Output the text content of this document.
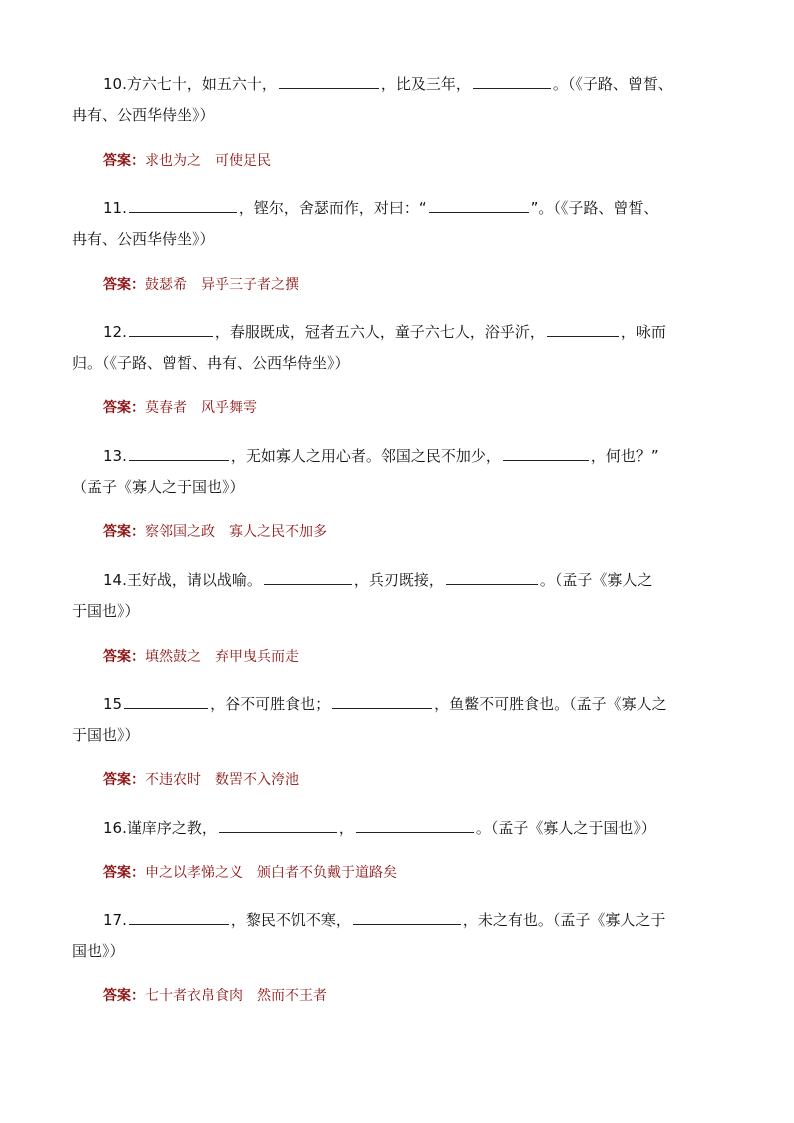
10.方六七十，如五六十，	，比及三年，	。（《子路、曾皙、
冉有、公西华侍坐》）
答案：求也为之　可使足民
11.	，铿尔，舍瑟而作，对曰：“	”。（《子路、曾皙、
冉有、公西华侍坐》）
答案：鼓瑟希　异乎三子者之撰
12.	，春服既成，冠者五六人，童子六七人，浴乎沂，	，咏而
归。（《子路、曾皙、冉有、公西华侍坐》）
答案：莫春者　风乎舞雩
13.	，无如寡人之用心者。邻国之民不加少，	，何也？”
（孟子《寡人之于国也》）
答案：察邻国之政　寡人之民不加多
14.王好战，请以战喻。	，兵刃既接，	。（孟子《寡人之
于国也》）
答案：填然鼓之　弃甲曳兵而走
15	，谷不可胜食也；	，鱼鳖不可胜食也。（孟子《寡人之
于国也》）
答案：不违农时　数罟不入洿池
16.谨庠序之教，	，	。（孟子《寡人之于国也》）
答案：申之以孝悌之义　颁白者不负戴于道路矣
17.	，黎民不饥不寒，	，未之有也。（孟子《寡人之于
国也》）
答案：七十者衣帛食肉　然而不王者
